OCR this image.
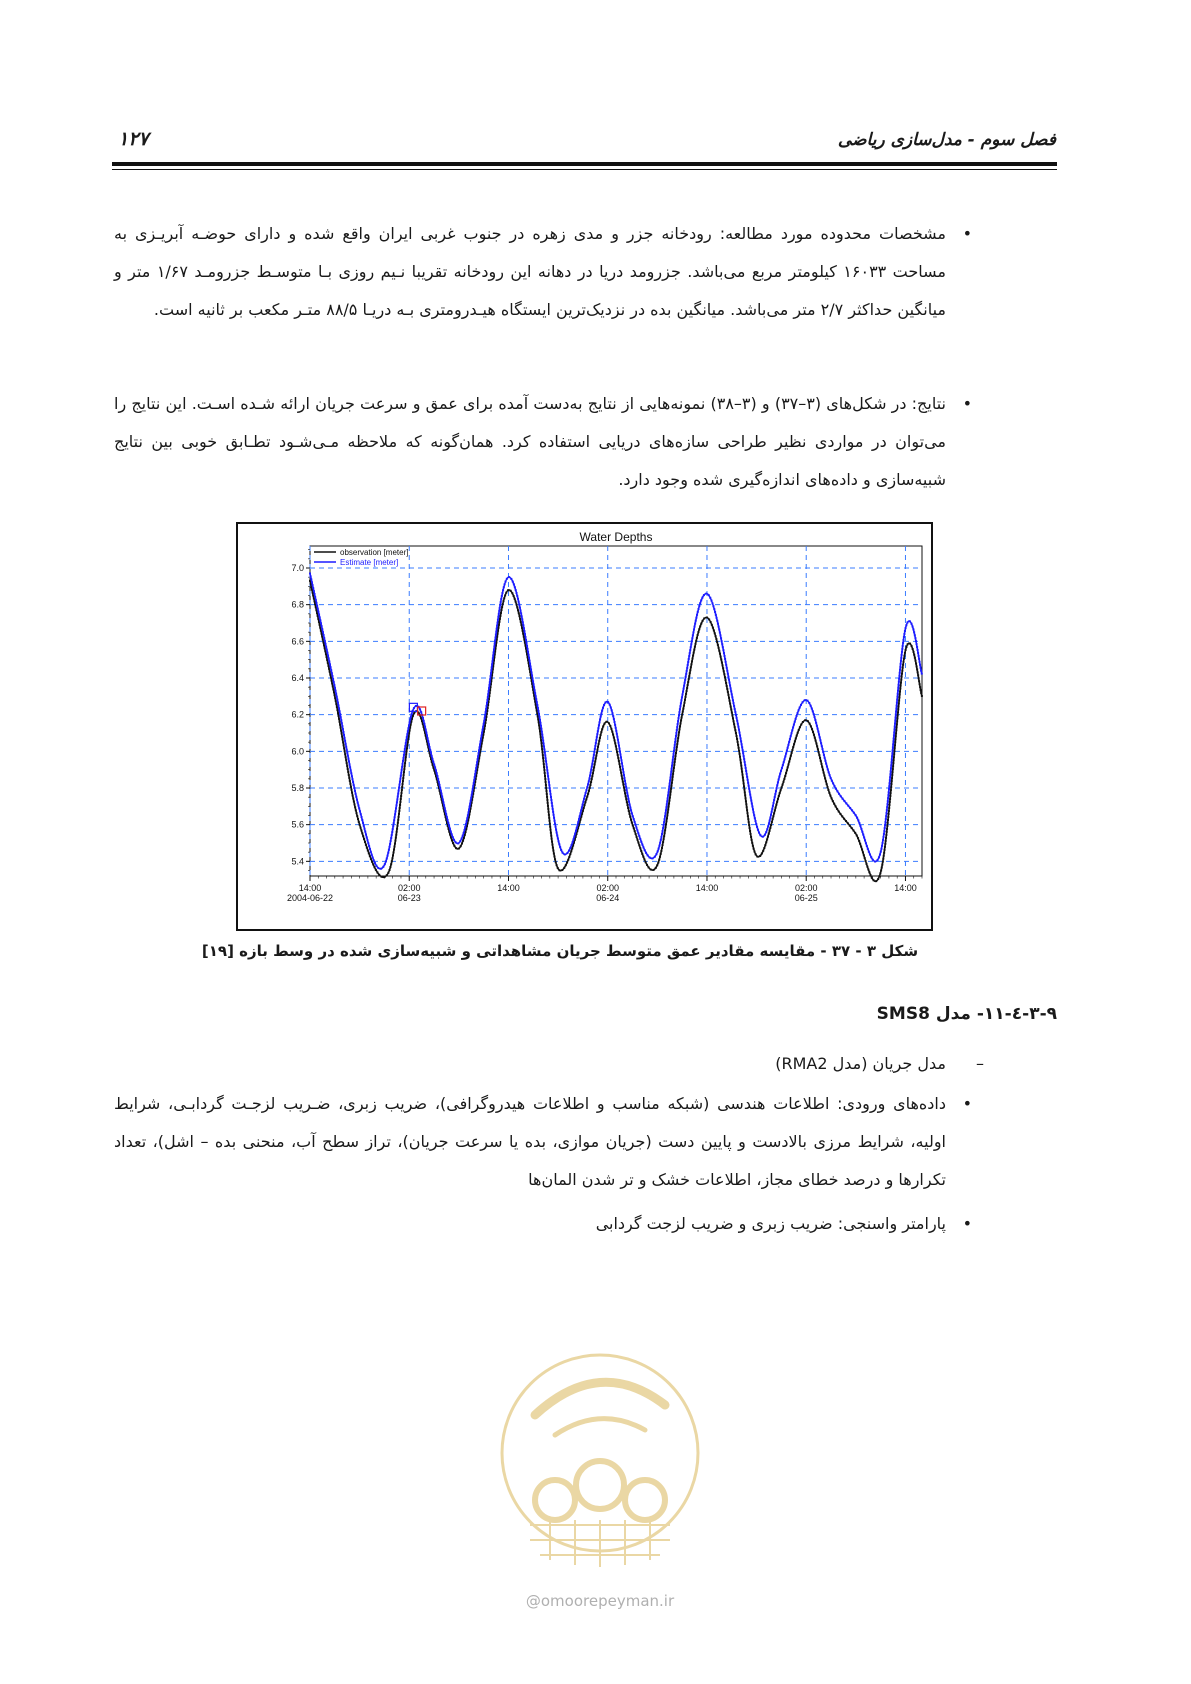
فصل سوم - مدل‌سازی ریاضی
۱۲۷
•
مشخصات محدوده مورد مطالعه: رودخانه جزر و مدی زهره در جنوب غربی ایران واقع شده و دارای حوضـه آبریـزی به مساحت ۱۶۰۳۳ کیلومتر مربع می‌باشد. جزرومد دریا در دهانه این رودخانه تقریبا نـیم روزی بـا متوسـط جزرومـد ۱/۶۷ متر و میانگین حداکثر ۲/۷ متر می‌باشد. میانگین بده در نزدیک‌ترین ایستگاه هیـدرومتری بـه دریـا ۸۸/۵ متـر مکعب بر ثانیه است.
•
نتایج: در شکل‌های (۳–۳۷) و (۳–۳۸) نمونه‌هایی از نتایج به‌دست آمده برای عمق و سرعت جریان ارائه شـده اسـت. این نتایج را می‌توان در مواردی نظیر طراحی سازه‌های دریایی استفاده کرد. همان‌گونه که ملاحظه مـی‌شـود تطـابق خوبی بین نتایج شبیه‌سازی و داده‌های اندازه‌گیری شده وجود دارد.
Water Depths
7.0
6.8
6.6
6.4
6.2
6.0
5.8
5.6
5.4
14:00
2004-06-22
02:00
06-23
14:00	02:00
06-24
14:00	02:00
06-25
14:00
observation [meter]
Estimate [meter]
شکل ۳ - ۳۷ - مقایسه مقادیر عمق متوسط جریان مشاهداتی و شبیه‌سازی شده در وسط بازه [۱۹]
۳-۹-٤-۱۱- مدل SMS8
–
مدل جریان (مدل RMA2)
•
داده‌های ورودی: اطلاعات هندسی (شبکه مناسب و اطلاعات هیدروگرافی)، ضریب زبری، ضـریب لزجـت گردابـی، شرایط اولیه، شرایط مرزی بالادست و پایین دست (جریان موازی، بده یا سرعت جریان)، تراز سطح آب، منحنی بده – اشل)، تعداد تکرارها و درصد خطای مجاز، اطلاعات خشک و تر شدن المان‌ها
•
پارامتر واسنجی: ضریب زبری و ضریب لزجت گردابی
@omoorepeyman.ir
